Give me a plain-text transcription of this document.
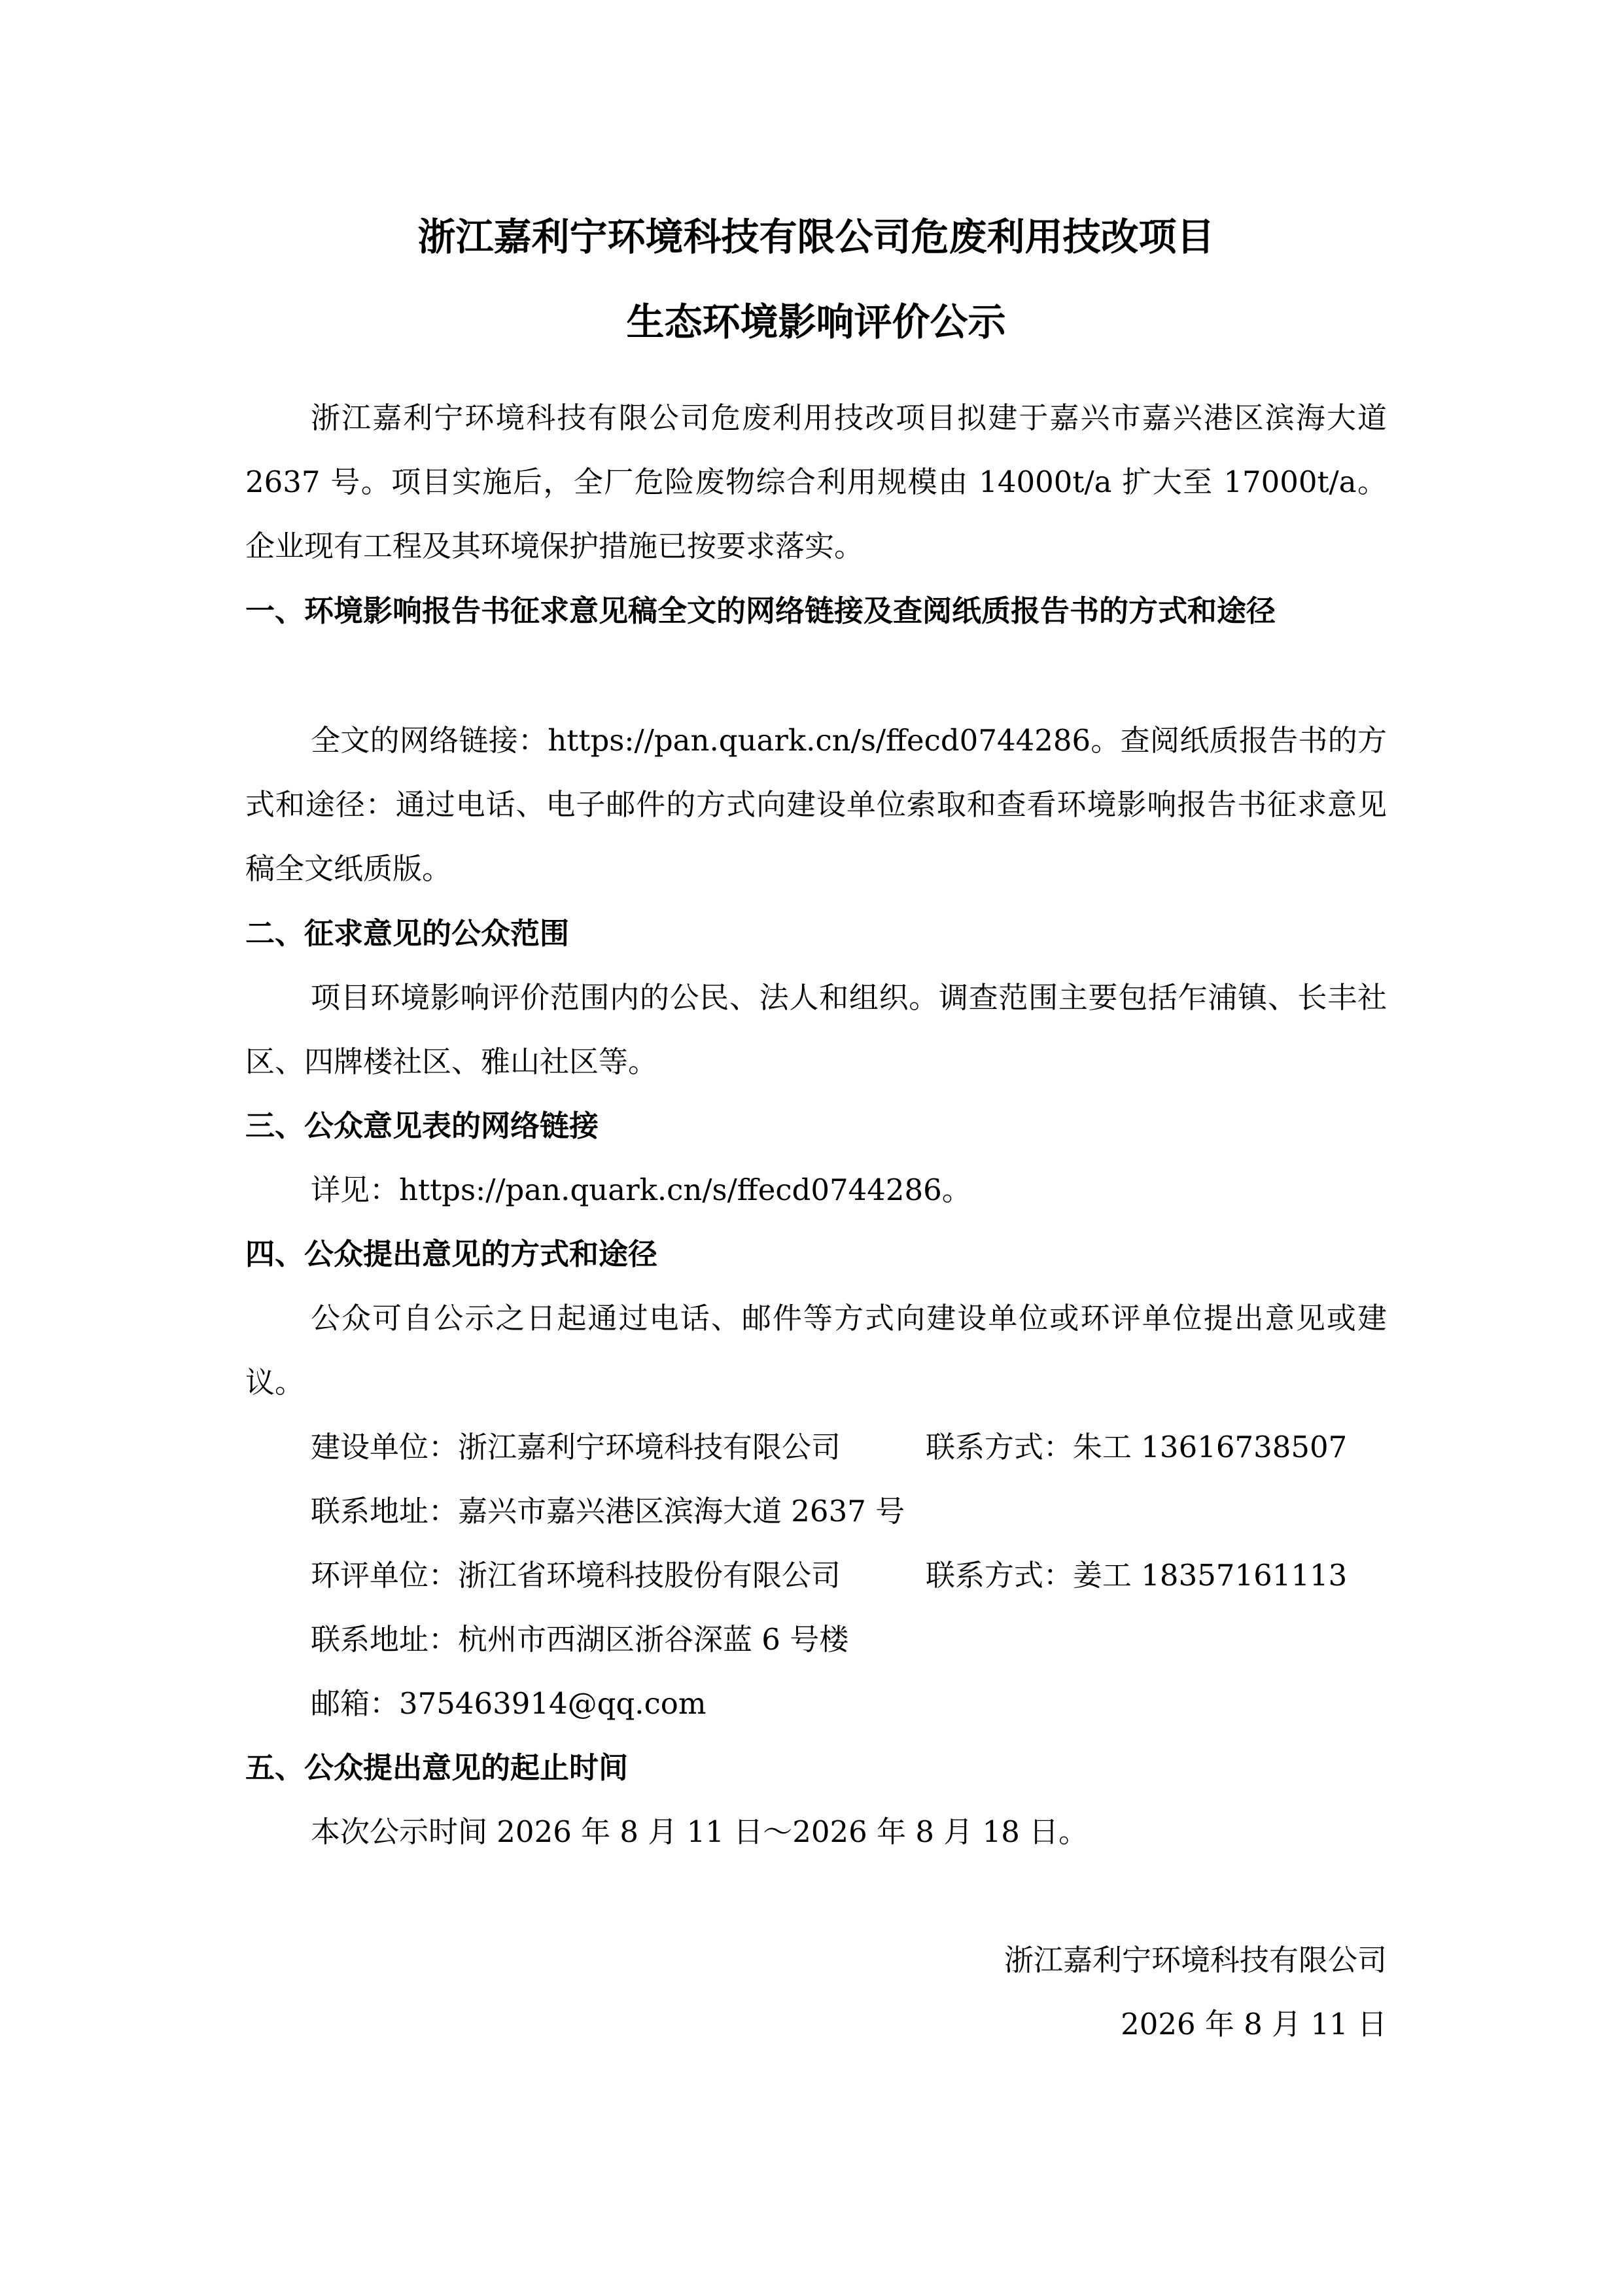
浙江嘉利宁环境科技有限公司危废利用技改项目
生态环境影响评价公示
浙江嘉利宁环境科技有限公司危废利用技改项目拟建于嘉兴市嘉兴港区滨海大道 2637 号。项目实施后，全厂危险废物综合利用规模由 14000t/a 扩大至 17000t/a。企业现有工程及其环境保护措施已按要求落实。
一、环境影响报告书征求意见稿全文的网络链接及查阅纸质报告书的方式和途径
全文的网络链接：https://pan.quark.cn/s/ffecd0744286。查阅纸质报告书的方式和途径：通过电话、电子邮件的方式向建设单位索取和查看环境影响报告书征求意见稿全文纸质版。
二、征求意见的公众范围
项目环境影响评价范围内的公民、法人和组织。调查范围主要包括乍浦镇、长丰社区、四牌楼社区、雅山社区等。
三、公众意见表的网络链接
详见：https://pan.quark.cn/s/ffecd0744286。
四、公众提出意见的方式和途径
公众可自公示之日起通过电话、邮件等方式向建设单位或环评单位提出意见或建议。
建设单位：浙江嘉利宁环境科技有限公司	联系方式：朱工 13616738507
联系地址：嘉兴市嘉兴港区滨海大道 2637 号
环评单位：浙江省环境科技股份有限公司	联系方式：姜工 18357161113
联系地址：杭州市西湖区浙谷深蓝 6 号楼
邮箱：375463914@qq.com
五、公众提出意见的起止时间
本次公示时间 2026 年 8 月 11 日～2026 年 8 月 18 日。
浙江嘉利宁环境科技有限公司
2026 年 8 月 11 日
